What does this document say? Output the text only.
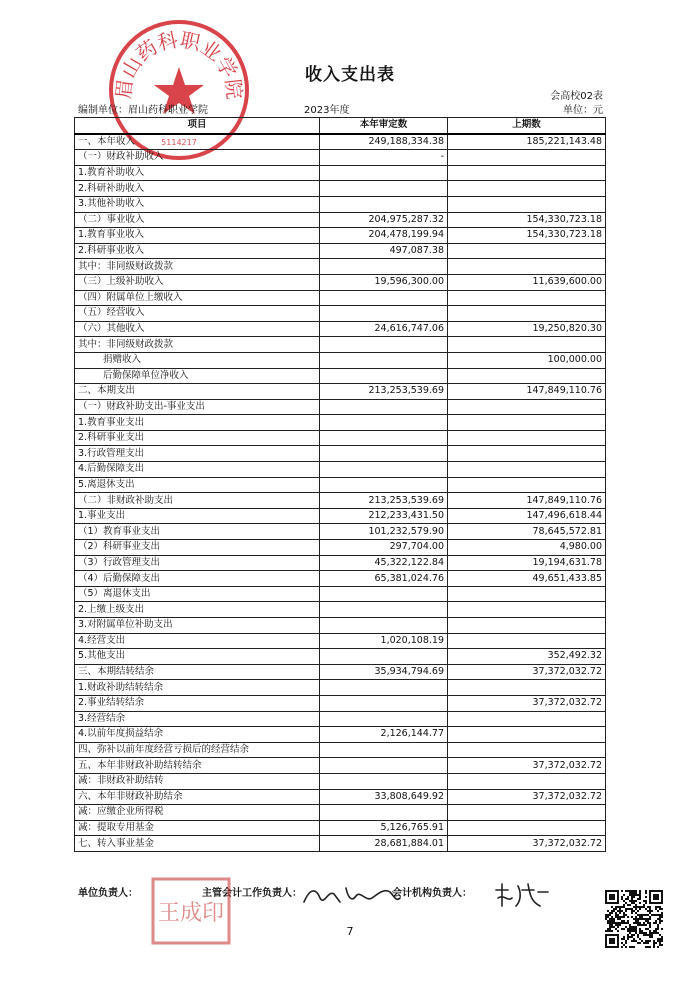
眉山药科职业学院
5114217
收入支出表
会高校02表
编制单位：眉山药科职业学院	2023年度	单位：元
项目	本年审定数	上期数
一、本年收入	249,188,334.38	185,221,143.48
（一）财政补助收入	-	
1.教育补助收入		
2.科研补助收入		
3.其他补助收入		
（二）事业收入	204,975,287.32	154,330,723.18
1.教育事业收入	204,478,199.94	154,330,723.18
2.科研事业收入	497,087.38	
其中：非同级财政拨款		
（三）上级补助收入	19,596,300.00	11,639,600.00
（四）附属单位上缴收入		
（五）经营收入		
（六）其他收入	24,616,747.06	19,250,820.30
其中：非同级财政拨款		
捐赠收入		100,000.00
后勤保障单位净收入		
二、本期支出	213,253,539.69	147,849,110.76
（一）财政补助支出-事业支出		
1.教育事业支出		
2.科研事业支出		
3.行政管理支出		
4.后勤保障支出		
5.离退休支出		
（二）非财政补助支出	213,253,539.69	147,849,110.76
1.事业支出	212,233,431.50	147,496,618.44
（1）教育事业支出	101,232,579.90	78,645,572.81
（2）科研事业支出	297,704.00	4,980.00
（3）行政管理支出	45,322,122.84	19,194,631.78
（4）后勤保障支出	65,381,024.76	49,651,433.85
（5）离退休支出		
2.上缴上级支出		
3.对附属单位补助支出		
4.经营支出	1,020,108.19	
5.其他支出		352,492.32
三、本期结转结余	35,934,794.69	37,372,032.72
1.财政补助结转结余		
2.事业结转结余		37,372,032.72
3.经营结余		
4.以前年度损益结余	2,126,144.77	
四、弥补以前年度经营亏损后的经营结余		
五、本年非财政补助结转结余		37,372,032.72
减：非财政补助结转		
六、本年非财政补助结余	33,808,649.92	37,372,032.72
减：应缴企业所得税		
减：提取专用基金	5,126,765.91	
七、转入事业基金	28,681,884.01	37,372,032.72
单位负责人：	主管会计工作负责人：	会计机构负责人：
王成印
7
